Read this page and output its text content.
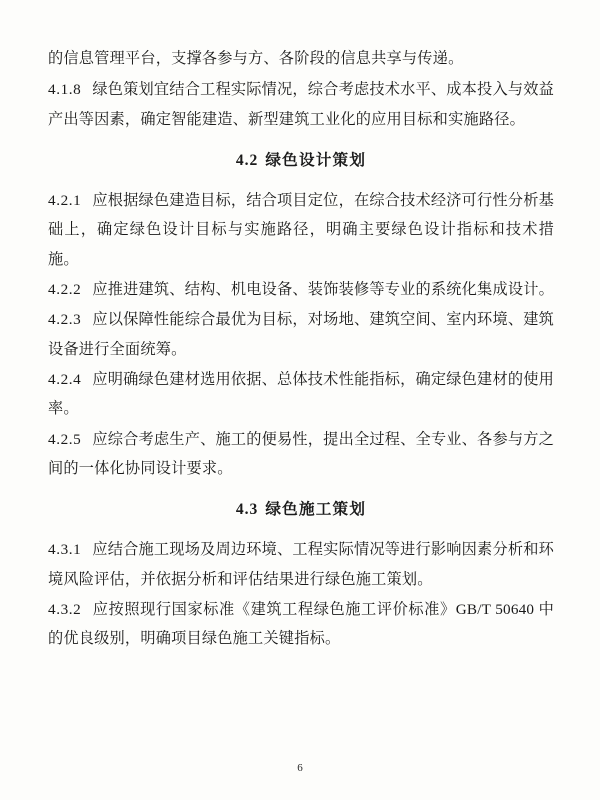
的信息管理平台，支撑各参与方、各阶段的信息共享与传递。

4.1.8 绿色策划宜结合工程实际情况，综合考虑技术水平、成本投入与效益产出等因素，确定智能建造、新型建筑工业化的应用目标和实施路径。

4.2 绿色设计策划

4.2.1 应根据绿色建造目标，结合项目定位，在综合技术经济可行性分析基础上，确定绿色设计目标与实施路径，明确主要绿色设计指标和技术措施。

4.2.2 应推进建筑、结构、机电设备、装饰装修等专业的系统化集成设计。

4.2.3 应以保障性能综合最优为目标，对场地、建筑空间、室内环境、建筑设备进行全面统筹。

4.2.4 应明确绿色建材选用依据、总体技术性能指标，确定绿色建材的使用率。

4.2.5 应综合考虑生产、施工的便易性，提出全过程、全专业、各参与方之间的一体化协同设计要求。

4.3 绿色施工策划

4.3.1 应结合施工现场及周边环境、工程实际情况等进行影响因素分析和环境风险评估，并依据分析和评估结果进行绿色施工策划。

4.3.2 应按照现行国家标准《建筑工程绿色施工评价标准》GB/T 50640 中的优良级别，明确项目绿色施工关键指标。

6
